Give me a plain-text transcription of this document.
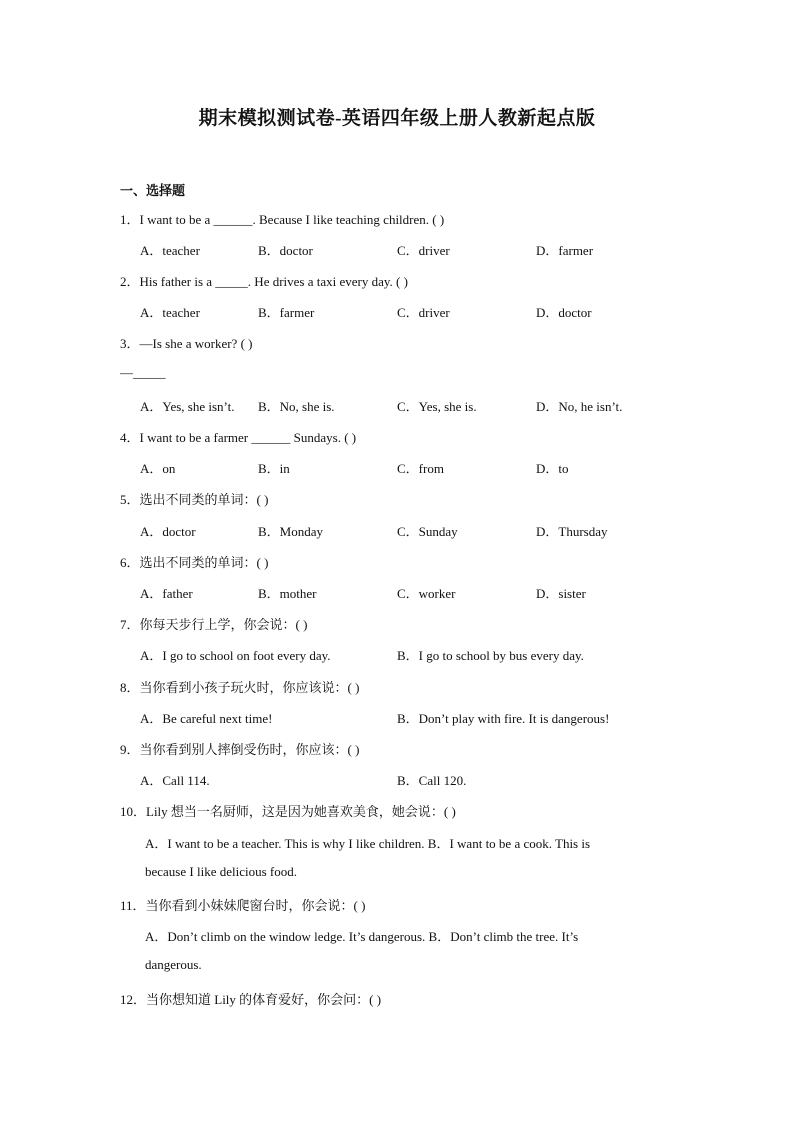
期末模拟测试卷-英语四年级上册人教新起点版
一、选择题
1．I want to be a ______. Because I like teaching children. ( )
A．teacher	B．doctor	C．driver	D．farmer
2．His father is a _____. He drives a taxi every day. ( )
A．teacher	B．farmer	C．driver	D．doctor
3．—Is she a worker? ( )
—_____
A．Yes, she isn’t. B．No, she is.	C．Yes, she is.	D．No, he isn’t.
4．I want to be a farmer ______ Sundays. ( )
A．on	B．in	C．from	D．to
5．选出不同类的单词：( )
A．doctor	B．Monday	C．Sunday	D．Thursday
6．选出不同类的单词：( )
A．father	B．mother	C．worker	D．sister
7．你每天步行上学，你会说：( )
A．I go to school on foot every day.	B．I go to school by bus every day.
8．当你看到小孩子玩火时，你应该说：( )
A．Be careful next time!	B．Don’t play with fire. It is dangerous!
9．当你看到别人摔倒受伤时，你应该：( )
A．Call 114.	B．Call 120.
10．Lily 想当一名厨师，这是因为她喜欢美食，她会说：( )
A．I want to be a teacher. This is why I like children. B．I want to be a cook. This is
because I like delicious food.
11．当你看到小妹妹爬窗台时，你会说：( )
A．Don’t climb on the window ledge. It’s dangerous. B．Don’t climb the tree. It’s
dangerous.
12．当你想知道 Lily 的体育爱好，你会问：( )
